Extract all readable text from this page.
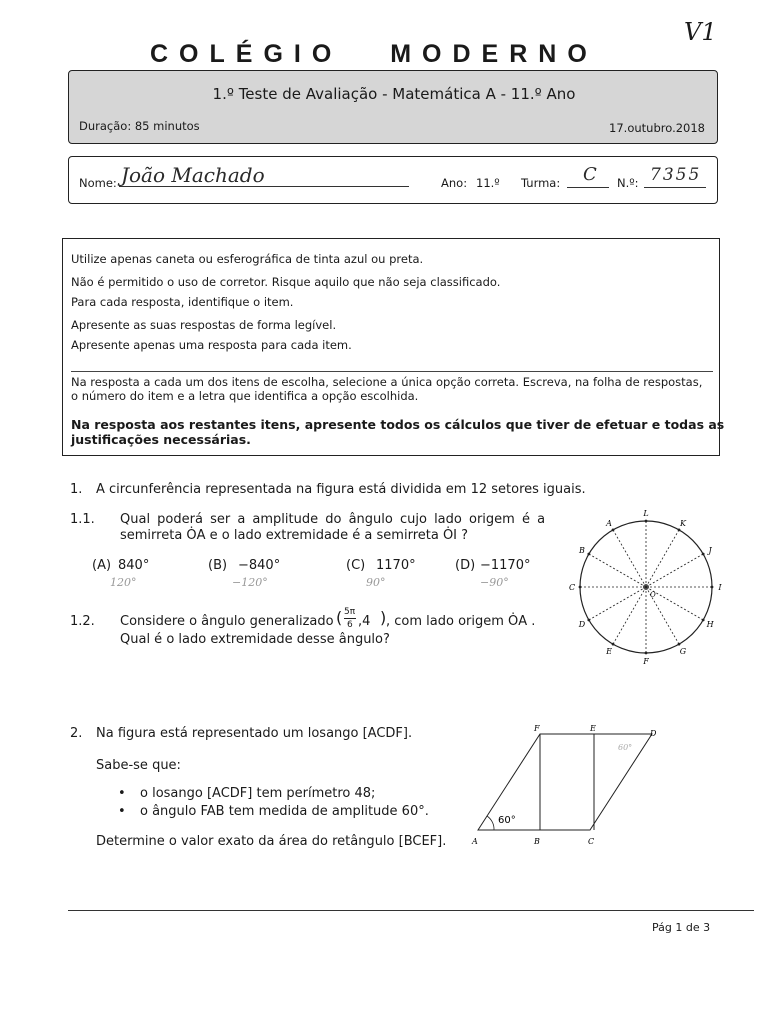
COLÉGIO MODERNO
V1
1.º Teste de Avaliação - Matemática A - 11.º Ano
Duração: 85 minutos	17.outubro.2018
Nome: João Machado	Ano: 11.º Turma: C N.º: 7355
Utilize apenas caneta ou esferográfica de tinta azul ou preta.
Não é permitido o uso de corretor. Risque aquilo que não seja classificado.
Para cada resposta, identifique o item.
Apresente as suas respostas de forma legível.
Apresente apenas uma resposta para cada item.
Na resposta a cada um dos itens de escolha, selecione a única opção correta. Escreva, na folha de respostas,
o número do item e a letra que identifica a opção escolhida.
Na resposta aos restantes itens, apresente todos os cálculos que tiver de efetuar e todas as
justificações necessárias.
1. A circunferência representada na figura está dividida em 12 setores iguais.
1.1. Qual poderá ser a amplitude do ângulo cujo lado origem é a
semirreta ȮA e o lado extremidade é a semirreta ȮI ?
(A) 840°
120°
(B) −840°
−120°
(C) 1170°
90°
(D) −1170°
−90°
1.2. Considere o ângulo generalizado ( 5π
6 ,4 ) , com lado origem ȮA .
Qual é o lado extremidade desse ângulo?
L
K
J
I
H
G
F
E
D
C
B
A
O
2. Na figura está representado um losango [ACDF].
Sabe-se que:
• o losango [ACDF] tem perímetro 48;
• o ângulo FAB tem medida de amplitude 60°.
Determine o valor exato da área do retângulo [BCEF].
60°
F	E
D
A	B	C
60°
Pág 1 de 3
